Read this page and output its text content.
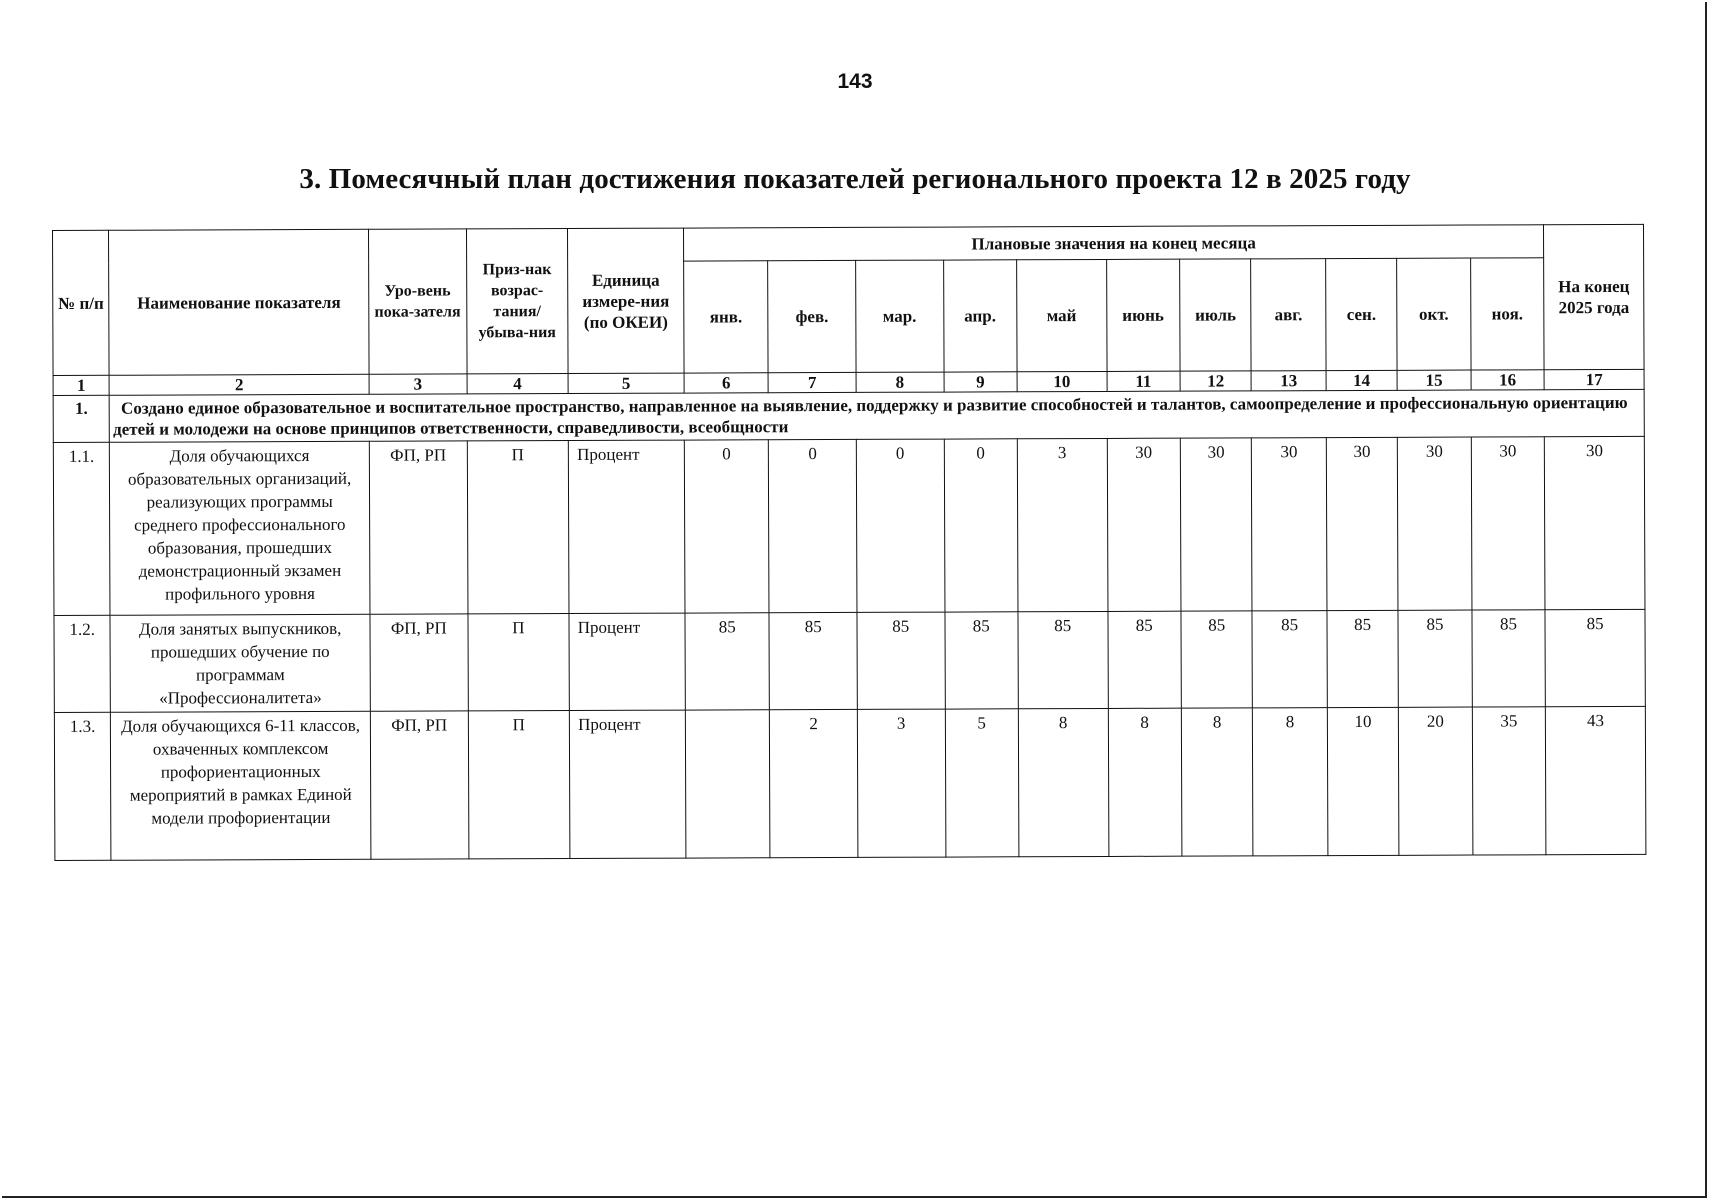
143
3. Помесячный план достижения показателей регионального проекта 12 в 2025 году
№ п/п	Наименование показателя	Уро-вень пока-зателя	Приз-нак возрас-тания/ убыва-ния	Единица измере-ния (по ОКЕИ)	Плановые значения на конец месяца											На конец 2025 года
					янв.	фев.	мар.	апр.	май	июнь	июль	авг.	сен.	окт.	ноя.	
1	2	3	4	5	6	7	8	9	10	11	12	13	14	15	16	17
1.	Создано единое образовательное и воспитательное пространство, направленное на выявление, поддержку и развитие способностей и талантов, самоопределение и профессиональную ориентацию детей и молодежи на основе принципов ответственности, справедливости, всеобщности															
1.1.	Доля обучающихся образовательных организаций, реализующих программы среднего профессионального образования, прошедших демонстрационный экзамен профильного уровня	ФП, РП	П	Процент	0	0	0	0	3	30	30	30	30	30	30	30
1.2.	Доля занятых выпускников, прошедших обучение по программам «Профессионалитета»	ФП, РП	П	Процент	85	85	85	85	85	85	85	85	85	85	85	85
1.3.	Доля обучающихся 6-11 классов, охваченных комплексом профориентационных мероприятий в рамках Единой модели профориентации	ФП, РП	П	Процент		2	3	5	8	8	8	8	10	20	35	43
